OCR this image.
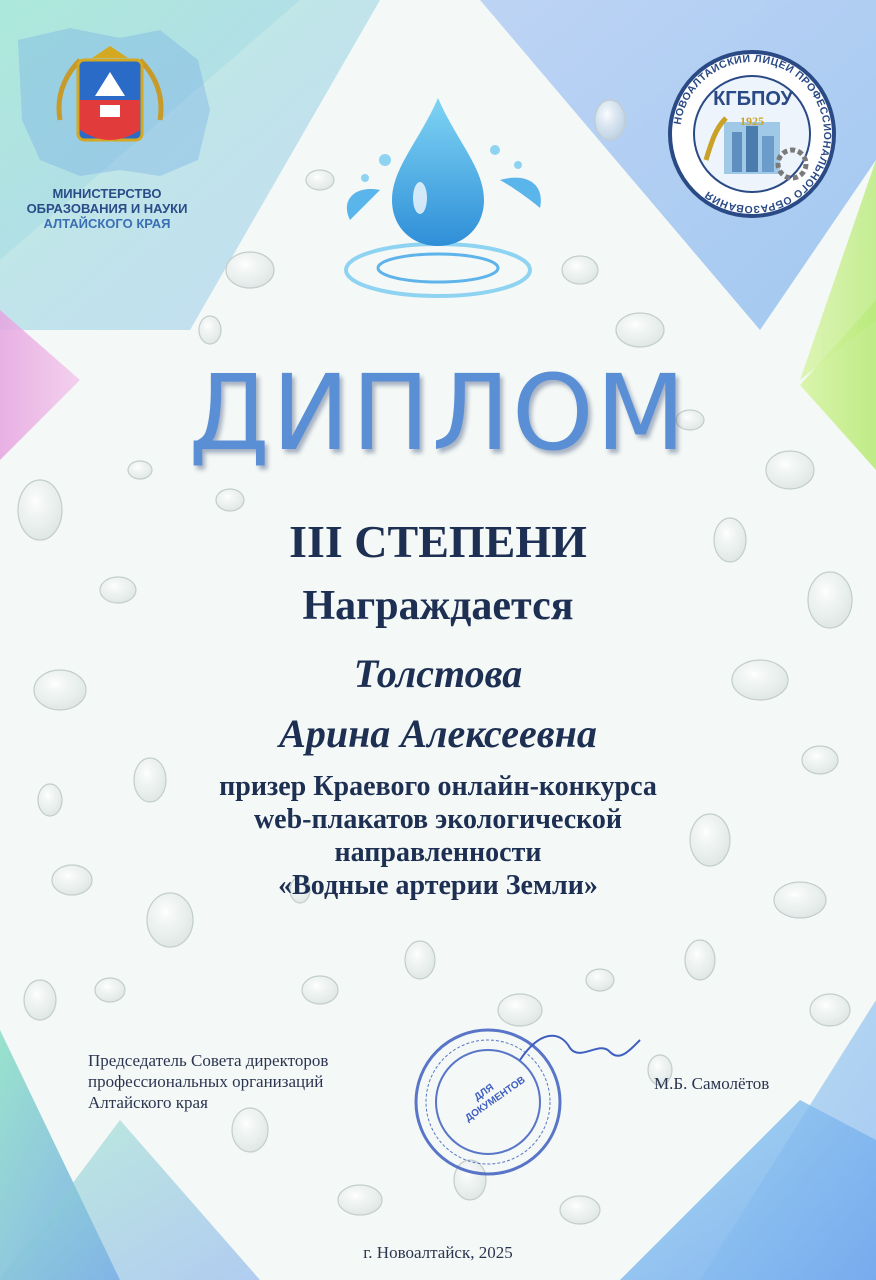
МИНИСТЕРСТВО
ОБРАЗОВАНИЯ И НАУКИ
АЛТАЙСКОГО КРАЯ
КГБПОУ
1925
НОВОАЛТАЙСКИЙ ЛИЦЕЙ ПРОФЕССИОНАЛЬНОГО ОБРАЗОВАНИЯ
ДИПЛОМ
III СТЕПЕНИ
Награждается
Толстова
Арина Алексеевна
призер Краевого онлайн-конкурса
web-плакатов экологической
направленности
«Водные артерии Земли»
Председатель Совета директоров
профессиональных организаций
Алтайского края	ДЛЯ ДОКУМЕНТОВ	М.Б. Самолётов
г. Новоалтайск, 2025
